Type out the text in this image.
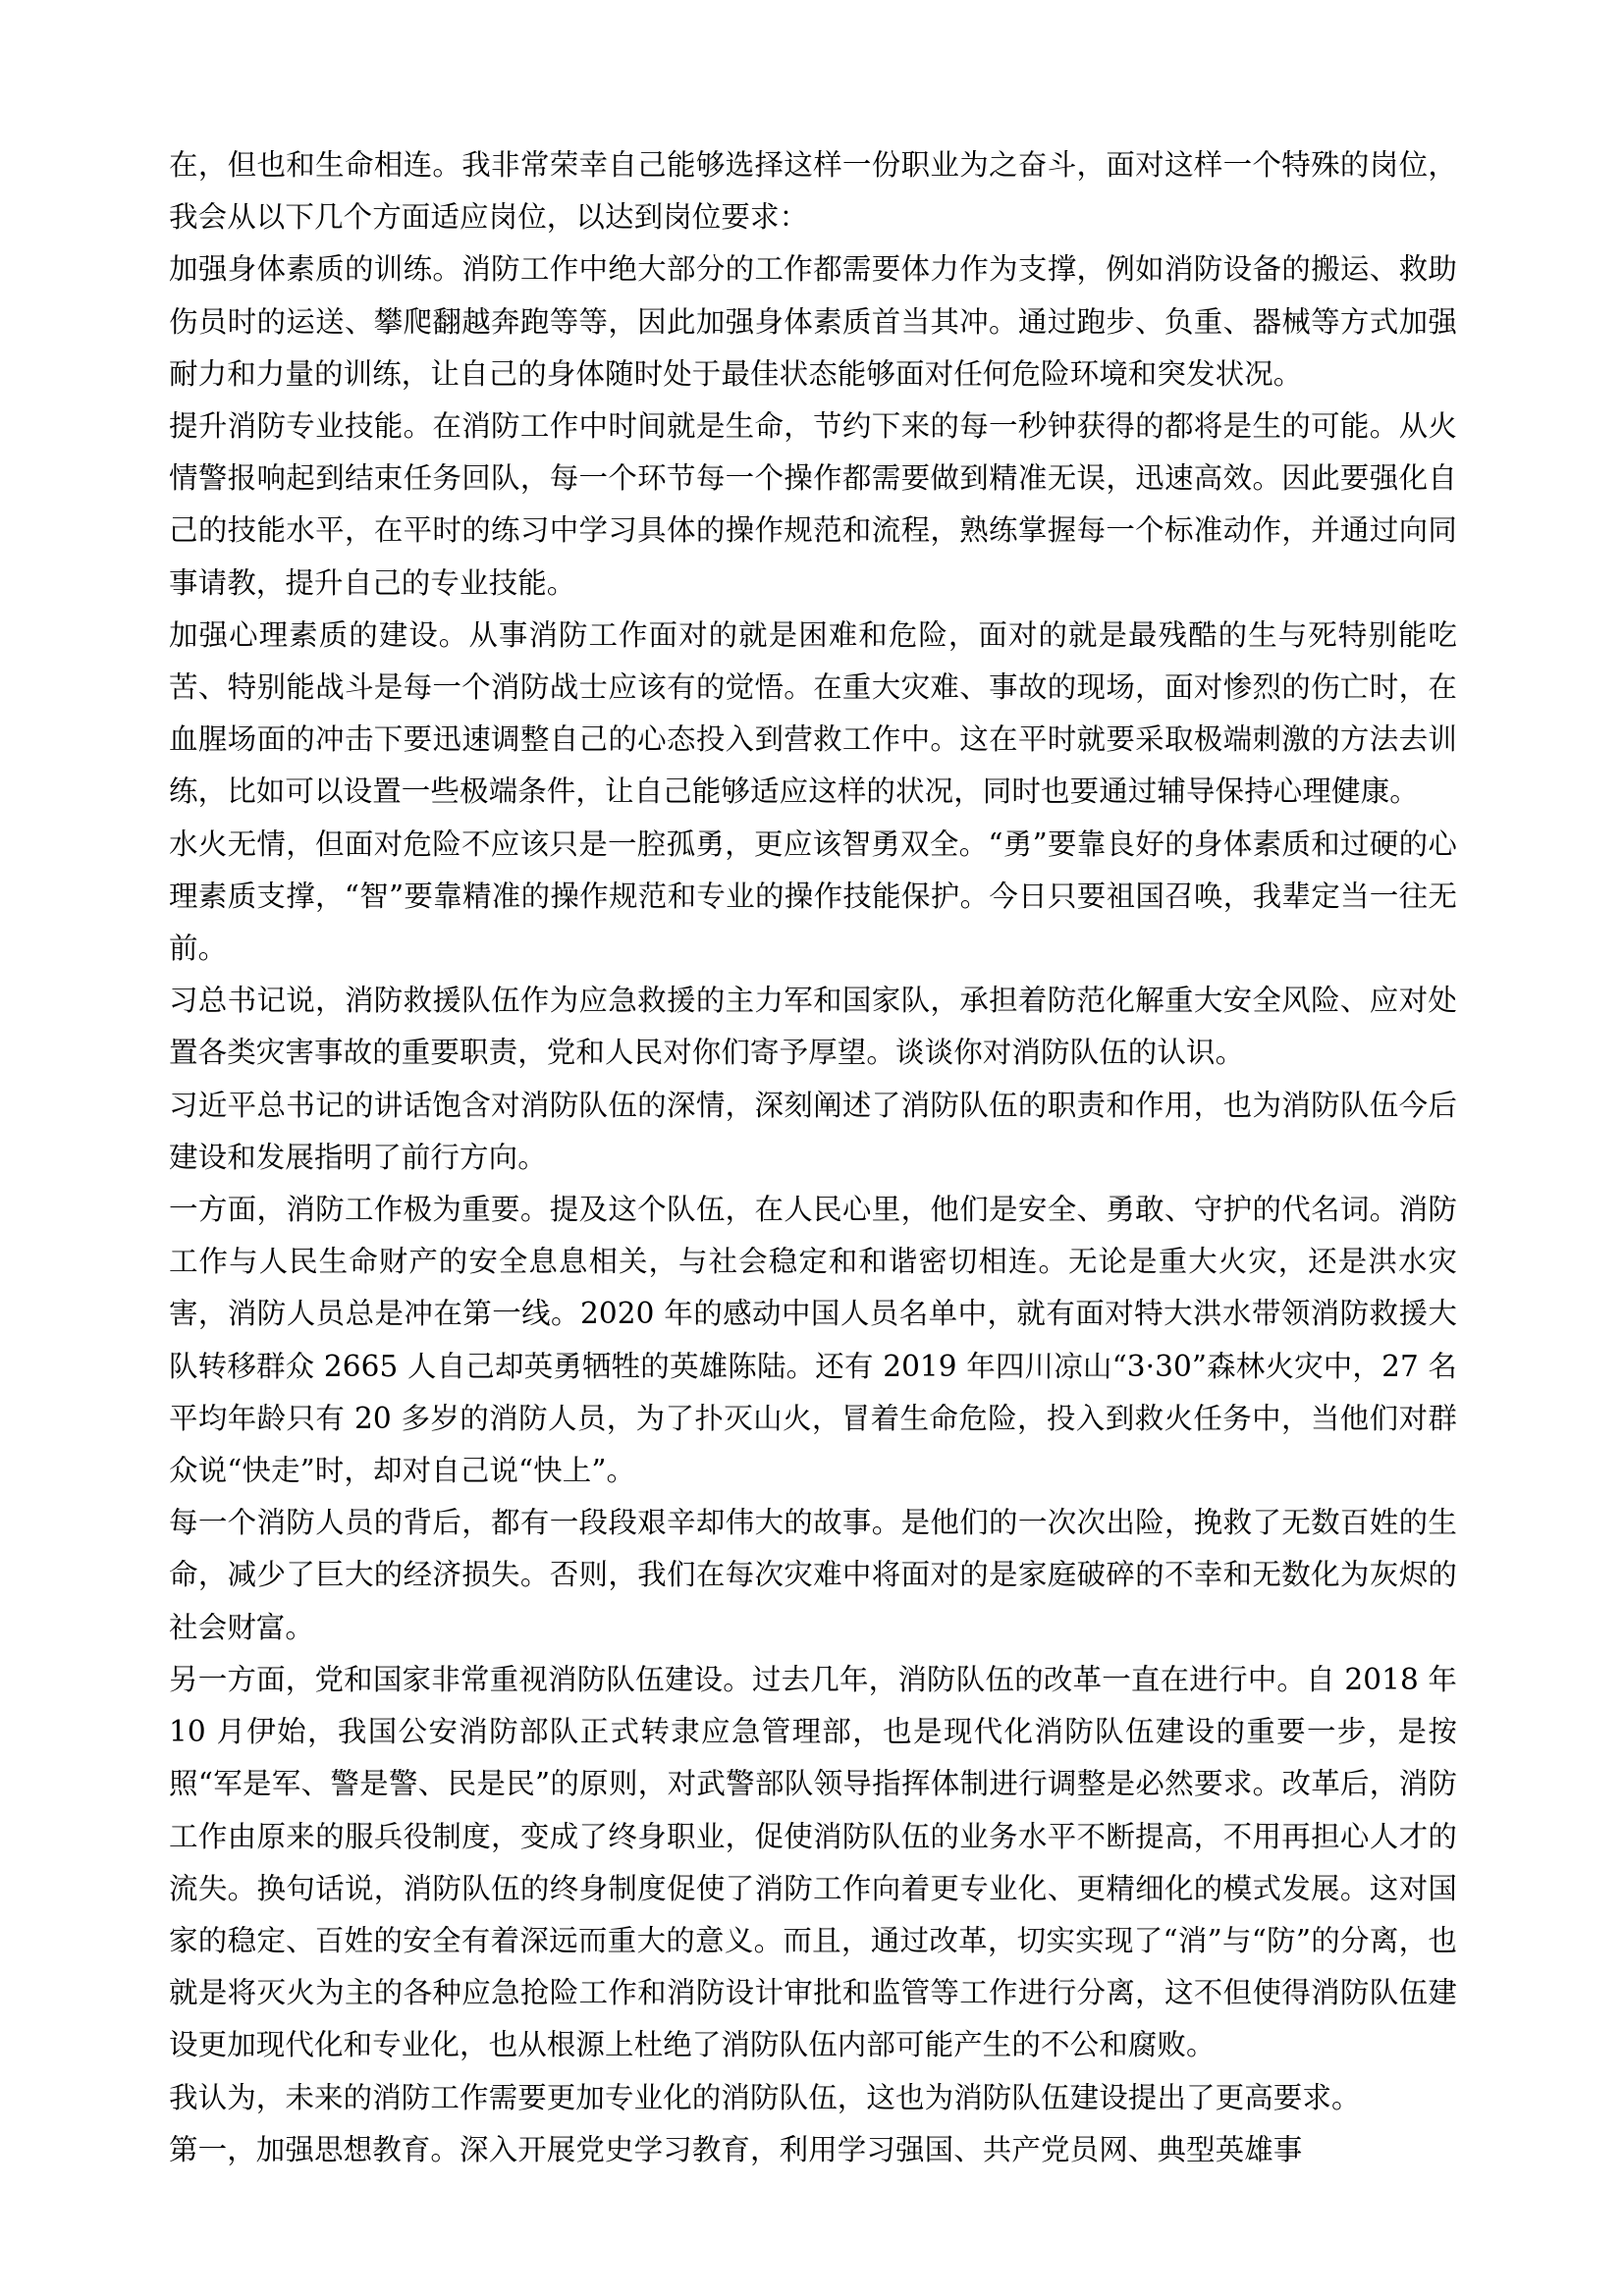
在，但也和生命相连。我非常荣幸自己能够选择这样一份职业为之奋斗，面对这样一个特殊的岗位，我会从以下几个方面适应岗位，以达到岗位要求：

加强身体素质的训练。消防工作中绝大部分的工作都需要体力作为支撑，例如消防设备的搬运、救助伤员时的运送、攀爬翻越奔跑等等，因此加强身体素质首当其冲。通过跑步、负重、器械等方式加强耐力和力量的训练，让自己的身体随时处于最佳状态能够面对任何危险环境和突发状况。

提升消防专业技能。在消防工作中时间就是生命，节约下来的每一秒钟获得的都将是生的可能。从火情警报响起到结束任务回队，每一个环节每一个操作都需要做到精准无误，迅速高效。因此要强化自己的技能水平，在平时的练习中学习具体的操作规范和流程，熟练掌握每一个标准动作，并通过向同事请教，提升自己的专业技能。

加强心理素质的建设。从事消防工作面对的就是困难和危险，面对的就是最残酷的生与死特别能吃苦、特别能战斗是每一个消防战士应该有的觉悟。在重大灾难、事故的现场，面对惨烈的伤亡时，在血腥场面的冲击下要迅速调整自己的心态投入到营救工作中。这在平时就要采取极端刺激的方法去训练，比如可以设置一些极端条件，让自己能够适应这样的状况，同时也要通过辅导保持心理健康。

水火无情，但面对危险不应该只是一腔孤勇，更应该智勇双全。“勇”要靠良好的身体素质和过硬的心理素质支撑，“智”要靠精准的操作规范和专业的操作技能保护。今日只要祖国召唤，我辈定当一往无前。

习总书记说，消防救援队伍作为应急救援的主力军和国家队，承担着防范化解重大安全风险、应对处置各类灾害事故的重要职责，党和人民对你们寄予厚望。谈谈你对消防队伍的认识。

习近平总书记的讲话饱含对消防队伍的深情，深刻阐述了消防队伍的职责和作用，也为消防队伍今后建设和发展指明了前行方向。

一方面，消防工作极为重要。提及这个队伍，在人民心里，他们是安全、勇敢、守护的代名词。消防工作与人民生命财产的安全息息相关，与社会稳定和和谐密切相连。无论是重大火灾，还是洪水灾害，消防人员总是冲在第一线。2020 年的感动中国人员名单中，就有面对特大洪水带领消防救援大队转移群众 2665 人自己却英勇牺牲的英雄陈陆。还有 2019 年四川凉山“3·30”森林火灾中，27 名平均年龄只有 20 多岁的消防人员，为了扑灭山火，冒着生命危险，投入到救火任务中，当他们对群众说“快走”时，却对自己说“快上”。

每一个消防人员的背后，都有一段段艰辛却伟大的故事。是他们的一次次出险，挽救了无数百姓的生命，减少了巨大的经济损失。否则，我们在每次灾难中将面对的是家庭破碎的不幸和无数化为灰烬的社会财富。

另一方面，党和国家非常重视消防队伍建设。过去几年，消防队伍的改革一直在进行中。自 2018 年 10 月伊始，我国公安消防部队正式转隶应急管理部，也是现代化消防队伍建设的重要一步，是按照“军是军、警是警、民是民”的原则，对武警部队领导指挥体制进行调整是必然要求。改革后，消防工作由原来的服兵役制度，变成了终身职业，促使消防队伍的业务水平不断提高，不用再担心人才的流失。换句话说，消防队伍的终身制度促使了消防工作向着更专业化、更精细化的模式发展。这对国家的稳定、百姓的安全有着深远而重大的意义。而且，通过改革，切实实现了“消”与“防”的分离，也就是将灭火为主的各种应急抢险工作和消防设计审批和监管等工作进行分离，这不但使得消防队伍建设更加现代化和专业化，也从根源上杜绝了消防队伍内部可能产生的不公和腐败。

我认为，未来的消防工作需要更加专业化的消防队伍，这也为消防队伍建设提出了更高要求。

第一，加强思想教育。深入开展党史学习教育，利用学习强国、共产党员网、典型英雄事
